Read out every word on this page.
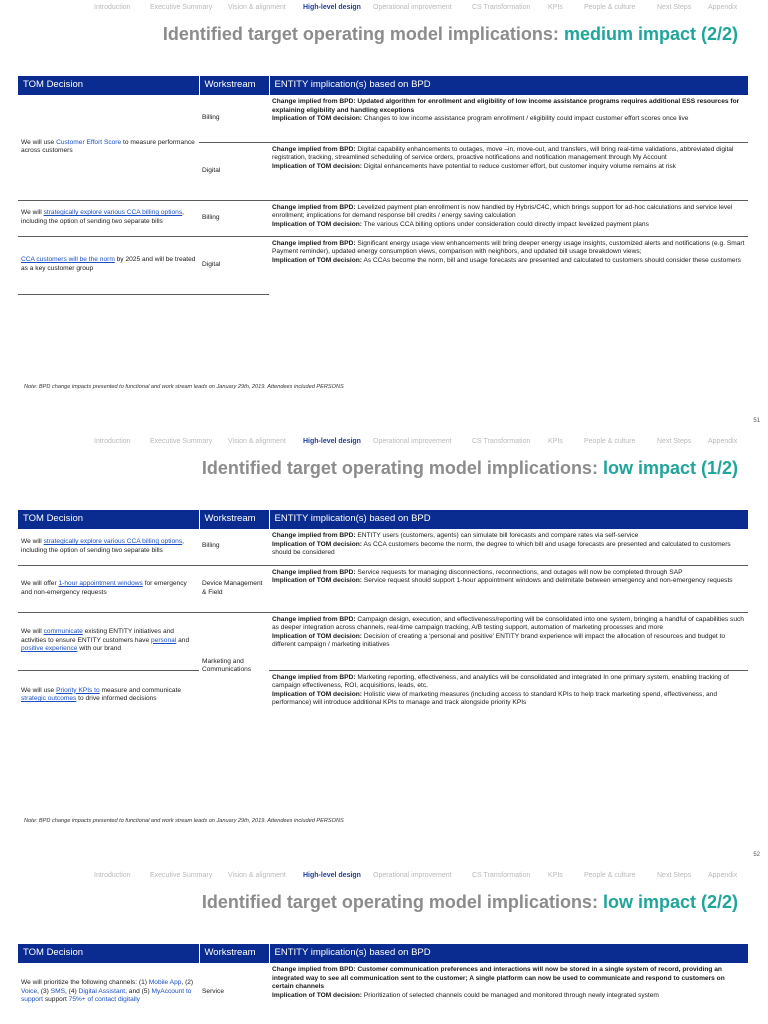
Introduction	Executive Summary Vision & alignment High-level design Operational improvement	CS Transformation	KPIs	People & culture	Next Steps Appendix
Identified target operating model implications: medium impact (2/2)
TOM Decision	Workstream	ENTITY implication(s) based on BPD
We will use Customer Effort Score to measure performance across customers	Billing	Change implied from BPD: Updated algorithm for enrollment and eligibility of low income assistance programs requires additional ESS resources for explaining eligibility and handling exceptions
Implication of TOM decision: Changes to low income assistance program enrollment / eligibility could impact customer effort scores once live

	Digital	Change implied from BPD: Digital capability enhancements to outages, move –in, move-out, and transfers, will bring real-time validations, abbreviated digital registration, tracking, streamlined scheduling of service orders, proactive notifications and notification management through My Account
Implication of TOM decision: Digital enhancements have potential to reduce customer effort, but customer inquiry volume remains at risk

We will strategically explore various CCA billing options, including the option of sending two separate bills	Billing	Change implied from BPD: Levelized payment plan enrollment is now handled by Hybris/C4C, which brings support for ad-hoc calculations and service level enrollment; implications for demand response bill credits / energy saving calculation
Implication of TOM decision: The various CCA billing options under consideration could directly impact levelized payment plans

CCA customers will be the norm by 2025 and will be treated as a key customer group	Digital	Change implied from BPD: Significant energy usage view enhancements will bring deeper energy usage insights, customized alerts and notifications (e.g. Smart Payment reminder), updated energy consumption views, comparison with neighbors, and updated bill usage breakdown views;
Implication of TOM decision: As CCAs become the norm, bill and usage forecasts are presented and calculated to customers should consider these customers
Note: BPD change impacts presented to functional and work stream leads on January 29th, 2019. Attendees included PERSONS
51
Introduction	Executive Summary Vision & alignment High-level design Operational improvement	CS Transformation	KPIs	People & culture	Next Steps Appendix
Identified target operating model implications: low impact (1/2)
TOM Decision	Workstream	ENTITY implication(s) based on BPD
We will strategically explore various CCA billing options, including the option of sending two separate bills	Billing	Change implied from BPD: ENTITY users (customers, agents) can simulate bill forecasts and compare rates via self-service
Implication of TOM decision: As CCA customers become the norm, the degree to which bill and usage forecasts are presented and calculated to customers should be considered

We will offer 1-hour appointment windows for emergency and non-emergency requests	Device Management & Field	Change implied from BPD: Service requests for managing disconnections, reconnections, and outages will now be completed through SAP
Implication of TOM decision: Service request should support 1-hour appointment windows and delimitate between emergency and non-emergency requests

We will communicate existing ENTITY initiatives and activities to ensure ENTITY customers have personal and positive experience with our brand	Marketing and Communications	Change implied from BPD: Campaign design, execution, and effectiveness/reporting will be consolidated into one system, bringing a handful of capabilities such as deeper integration across channels, real-time campaign tracking, A/B testing support, automation of marketing processes and more
Implication of TOM decision: Decision of creating a 'personal and positive' ENTITY brand experience will impact the allocation of resources and budget to different campaign / marketing initiatives

We will use Priority KPIs to measure and communicate strategic outcomes to drive informed decisions		Change implied from BPD: Marketing reporting, effectiveness, and analytics will be consolidated and integrated In one primary system, enabling tracking of campaign effectiveness, ROI, acquisitions, leads, etc.
Implication of TOM decision: Holistic view of marketing measures (including access to standard KPIs to help track marketing spend, effectiveness, and performance) will introduce additional KPIs to manage and track alongside priority KPIs
Note: BPD change impacts presented to functional and work stream leads on January 29th, 2019. Attendees included PERSONS
52
Introduction	Executive Summary Vision & alignment High-level design Operational improvement	CS Transformation	KPIs	People & culture	Next Steps Appendix
Identified target operating model implications: low impact (2/2)
TOM Decision	Workstream	ENTITY implication(s) based on BPD
We will prioritize the following channels: (1) Mobile App, (2) Voice, (3) SMS, (4) Digital Assistant, and (5) MyAccount to support support 75%+ of contact digitally	Service	Change implied from BPD: Customer communication preferences and interactions will now be stored in a single system of record, providing an integrated way to see all communication sent to the customer; A single platform can now be used to communicate and respond to customers on certain channels
Implication of TOM decision: Prioritization of selected channels could be managed and monitored through newly integrated system
